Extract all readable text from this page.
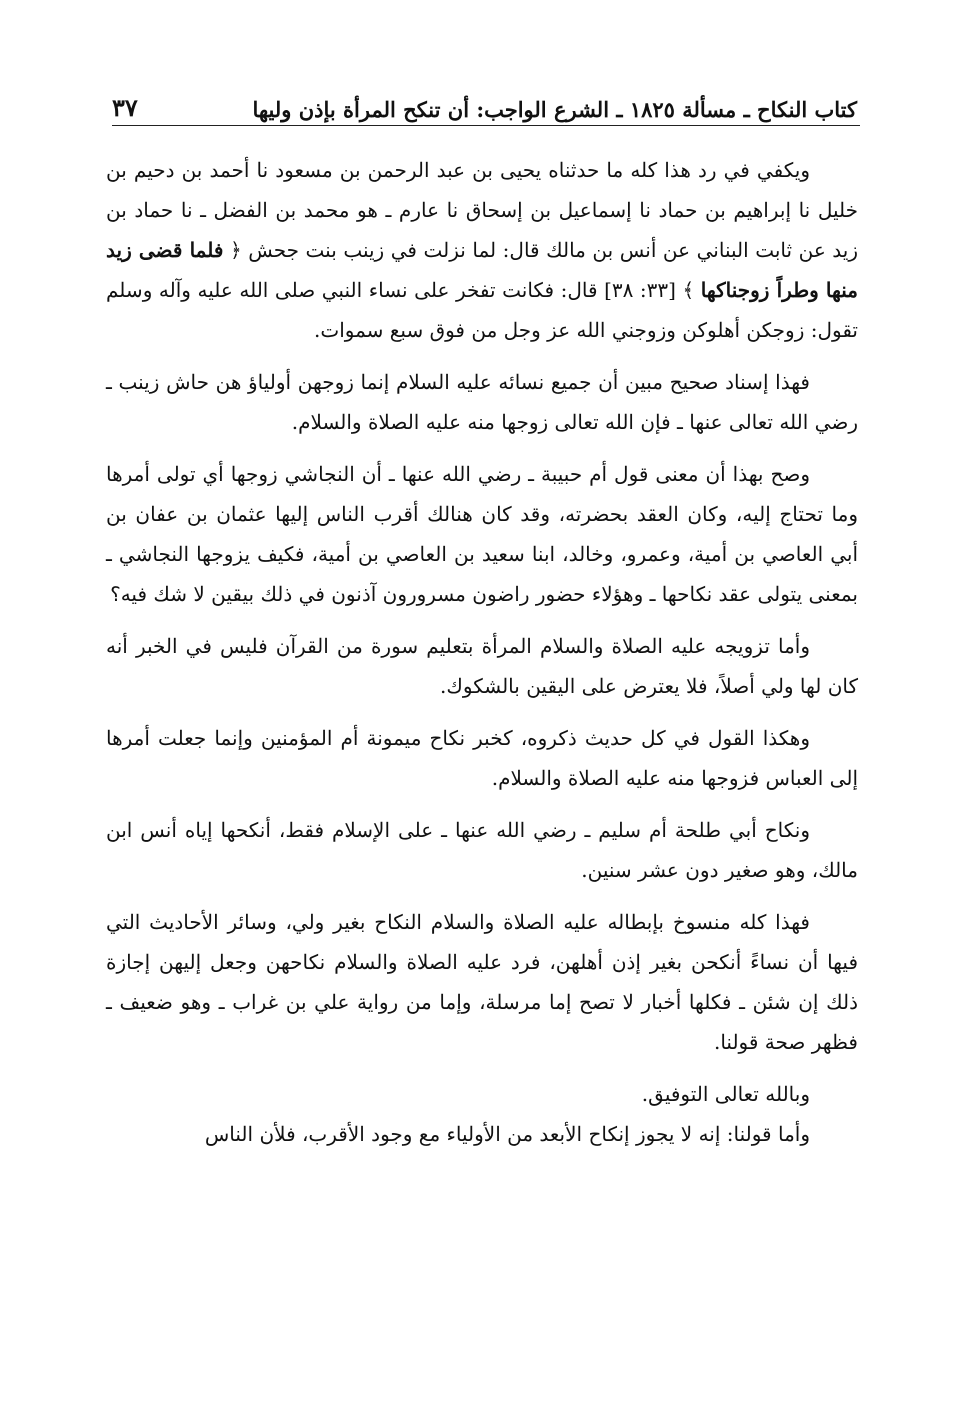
كتاب النكاح ـ مسألة ١٨٢٥ ـ الشرع الواجب: أن تنكح المرأة بإذن وليها
٣٧

ويكفي في رد هذا كله ما حدثناه يحيى بن عبد الرحمن بن مسعود نا أحمد بن دحيم بن خليل نا إبراهيم بن حماد نا إسماعيل بن إسحاق نا عارم ـ هو محمد بن الفضل ـ نا حماد بن زيد عن ثابت البناني عن أنس بن مالك قال: لما نزلت في زينب بنت جحش ﴿ فلما قضى زيد منها وطراً زوجناكها ﴾ [٣٣: ٣٨] قال: فكانت تفخر على نساء النبي صلى الله عليه وآله وسلم تقول: زوجكن أهلوكن وزوجني الله عز وجل من فوق سبع سموات.

فهذا إسناد صحيح مبين أن جميع نسائه عليه السلام إنما زوجهن أولياؤ هن حاش زينب ـ رضي الله تعالى عنها ـ فإن الله تعالى زوجها منه عليه الصلاة والسلام.

وصح بهذا أن معنى قول أم حبيبة ـ رضي الله عنها ـ أن النجاشي زوجها أي تولى أمرها وما تحتاج إليه، وكان العقد بحضرته، وقد كان هنالك أقرب الناس إليها عثمان بن عفان بن أبي العاصي بن أمية، وعمرو، وخالد، ابنا سعيد بن العاصي بن أمية، فكيف يزوجها النجاشي ـ بمعنى يتولى عقد نكاحها ـ وهؤلاء حضور راضون مسرورون آذنون في ذلك بيقين لا شك فيه؟

وأما تزويجه عليه الصلاة والسلام المرأة بتعليم سورة من القرآن فليس في الخبر أنه كان لها ولي أصلاً، فلا يعترض على اليقين بالشكوك.

وهكذا القول في كل حديث ذكروه، كخبر نكاح ميمونة أم المؤمنين وإنما جعلت أمرها إلى العباس فزوجها منه عليه الصلاة والسلام.

ونكاح أبي طلحة أم سليم ـ رضي الله عنها ـ على الإسلام فقط، أنكحها إياه أنس ابن مالك، وهو صغير دون عشر سنين.

فهذا كله منسوخ بإبطاله عليه الصلاة والسلام النكاح بغير ولي، وسائر الأحاديث التي فيها أن نساءً أنكحن بغير إذن أهلهن، فرد عليه الصلاة والسلام نكاحهن وجعل إليهن إجازة ذلك إن شئن ـ فكلها أخبار لا تصح إما مرسلة، وإما من رواية علي بن غراب ـ وهو ضعيف ـ فظهر صحة قولنا.

وبالله تعالى التوفيق.

وأما قولنا: إنه لا يجوز إنكاح الأبعد من الأولياء مع وجود الأقرب، فلأن الناس
